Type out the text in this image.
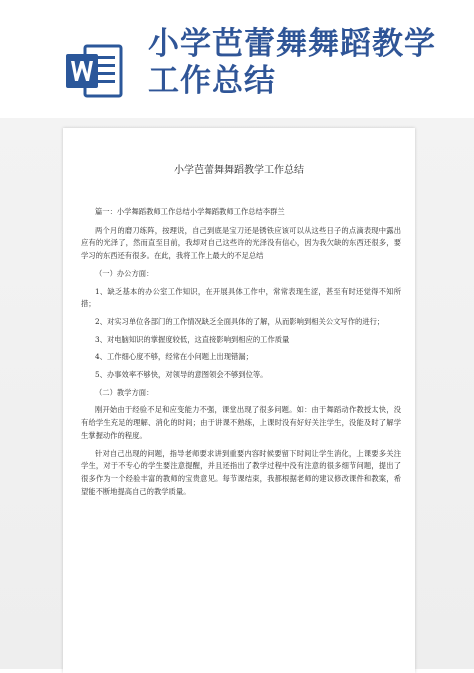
小学芭蕾舞舞蹈教学工作总结
小学芭蕾舞舞蹈教学工作总结

篇一：小学舞蹈教师工作总结小学舞蹈教师工作总结李群兰

两个月的磨刀练阵，按理说，自己到底是宝刀还是锈铁应该可以从这些日子的点滴表现中露出应有的光泽了，然而直至目前，我却对自己这些许的光泽没有信心，因为我欠缺的东西还很多，要学习的东西还有很多。在此，我将工作上最大的不足总结

（一）办公方面：

1、缺乏基本的办公室工作知识，在开展具体工作中，常常表现生涩，甚至有时还觉得不知所措；

2、对实习单位各部门的工作情况缺乏全面具体的了解，从而影响到相关公文写作的进行；

3、对电脑知识的掌握度较低，这直接影响到相应的工作质量

4、工作细心度不够，经常在小问题上出现错漏；

5、办事效率不够快，对领导的意图领会不够到位等。

（二）教学方面：

刚开始由于经验不足和应变能力不强，课堂出现了很多问题。如：由于舞蹈动作教授太快，没有给学生充足的理解、消化的时间；由于讲课不熟练，上课时没有好好关注学生，没能及时了解学生掌握动作的程度。

针对自己出现的问题，指导老师要求讲到重要内容时候要留下时间让学生消化，上课要多关注学生，对于不专心的学生要注意提醒，并且还指出了教学过程中没有注意的很多细节问题，提出了很多作为一个经验丰富的教师的宝贵意见。每节课结束，我都根据老师的建议修改课件和教案，希望能不断地提高自己的教学质量。
